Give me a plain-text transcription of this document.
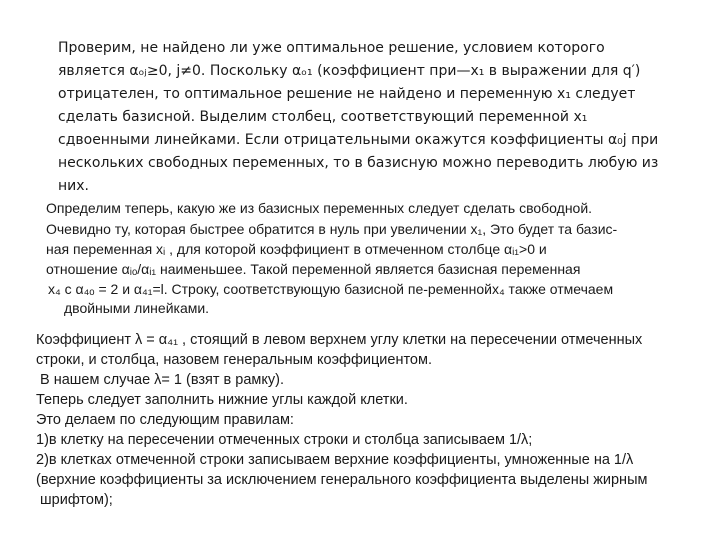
Проверим, не найдено ли уже оптимальное решение, условием которого
является αₒⱼ≥0, j≠0. Поскольку αₒ₁ (коэффициент при—x₁ в выражении для q′)
отрицателен, то оптимальное решение не найдено и переменную x₁ следует
сделать базисной. Выделим столбец, соответствующий переменной x₁
сдвоенными линейками. Если отрицательными окажутся коэффициенты α₀j при
нескольких свободных переменных, то в базисную можно переводить любую из
них.
Определим теперь, какую же из базисных переменных следует сделать свободной.
Очевидно ту, которая быстрее обратится в нуль при увеличении x₁, Это будет та базис-
ная переменная xᵢ , для которой коэффициент в отмеченном столбце αᵢ₁>0 и
отношение αᵢₒ/αᵢ₁ наименьшее. Такой переменной является базисная переменная
x₄ с α₄ₒ = 2 и α₄₁=l. Строку, соответствующую базисной пе-ременнойx₄ также отмечаем
двойными линейками.
Коэффициент λ = α₄₁ , стоящий в левом верхнем углу клетки на пересечении отмеченных
строки, и столбца, назовем генеральным коэффициентом.
В нашем случае λ= 1 (взят в рамку).
Теперь следует заполнить нижние углы каждой клетки.
Это делаем по следующим правилам:
1)в клетку на пересечении отмеченных строки и столбца записываем 1/λ;
2)в клетках отмеченной строки записываем верхние коэффициенты, умноженные на 1/λ
(верхние коэффициенты за исключением генерального коэффициента выделены жирным
шрифтом);
